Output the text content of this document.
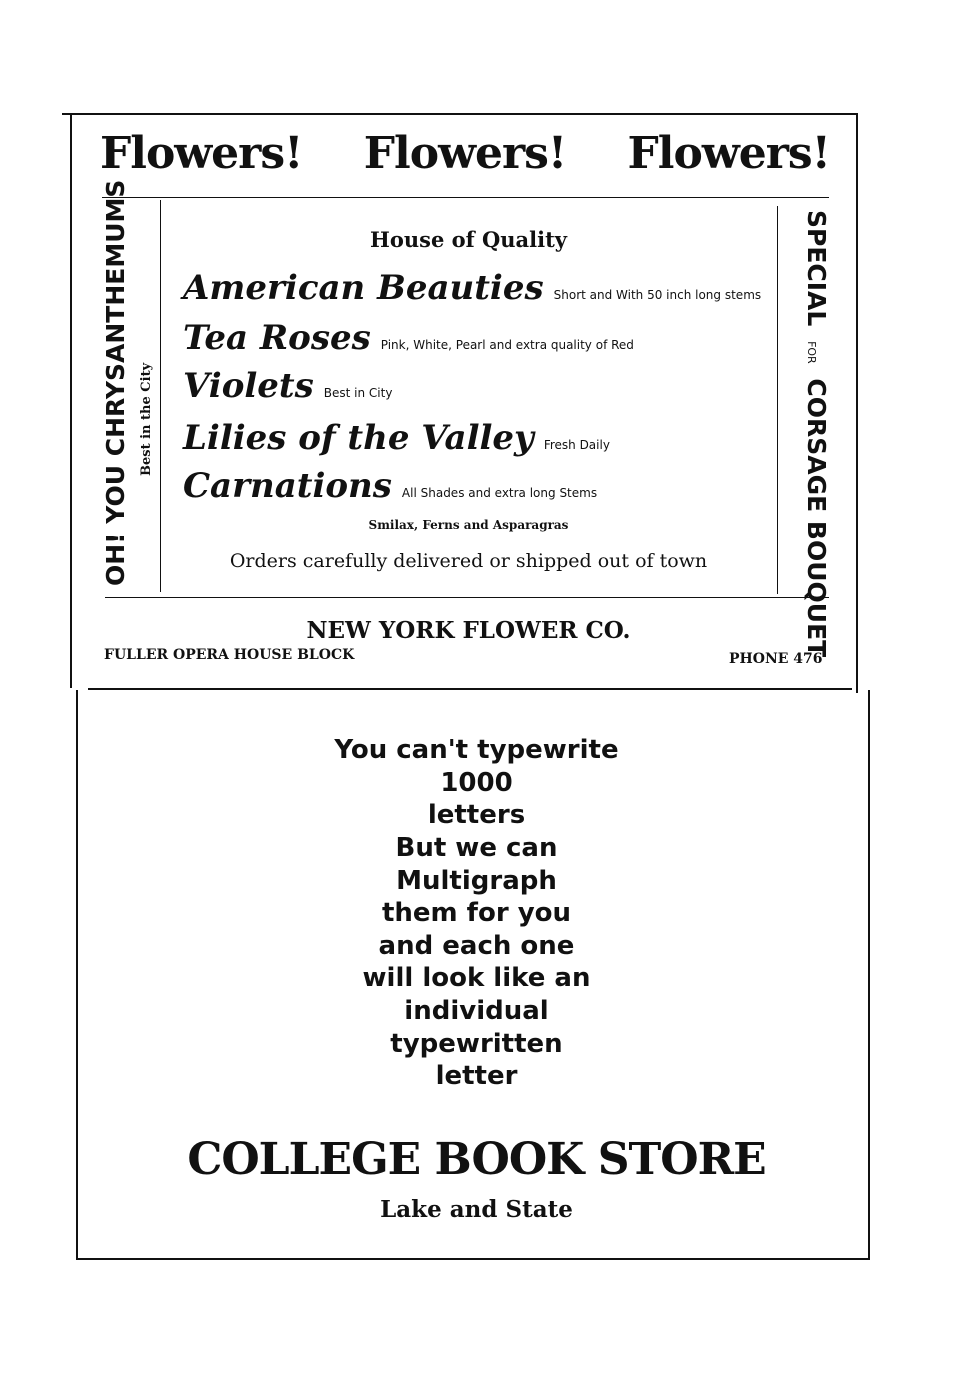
Flowers! Flowers! Flowers!
OH! YOU CHRYSANTHEMUMS Best in the City
SPECIAL FOR CORSAGE BOUQUET
House of Quality
American Beauties Short and With 50 inch long stems
Tea Roses Pink, White, Pearl and extra quality of Red
Violets Best in City
Lilies of the Valley Fresh Daily
Carnations All Shades and extra long Stems
Smilax, Ferns and Asparagras
Orders carefully delivered or shipped out of town
NEW YORK FLOWER CO.
FULLER OPERA HOUSE BLOCK	PHONE 476
You can't typewrite
1000
letters
But we can
Multigraph
them for you
and each one
will look like an
individual
typewritten
letter
COLLEGE BOOK STORE
Lake and State
